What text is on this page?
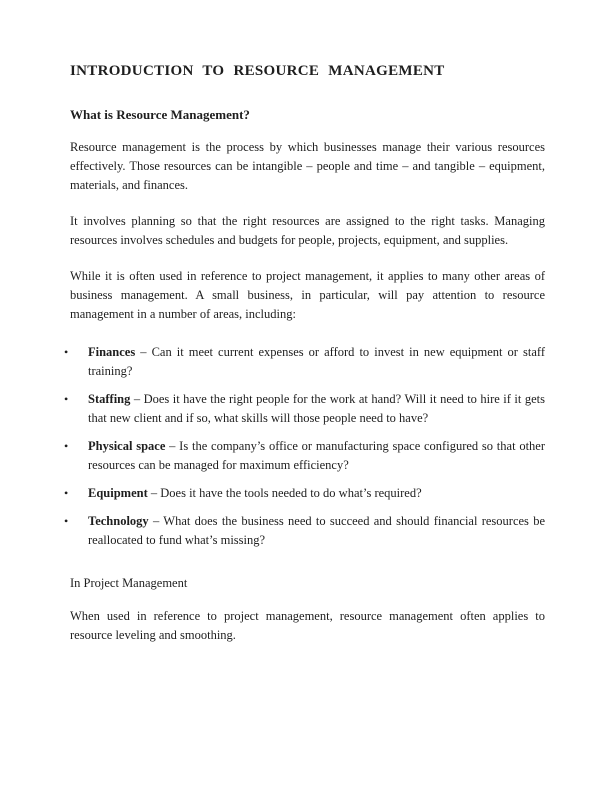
INTRODUCTION TO RESOURCE MANAGEMENT
What is Resource Management?

Resource management is the process by which businesses manage their various resources effectively. Those resources can be intangible – people and time – and tangible – equipment, materials, and finances.

It involves planning so that the right resources are assigned to the right tasks. Managing resources involves schedules and budgets for people, projects, equipment, and supplies.

While it is often used in reference to project management, it applies to many other areas of business management. A small business, in particular, will pay attention to resource management in a number of areas, including:

• Finances – Can it meet current expenses or afford to invest in new equipment or staff training?
• Staffing – Does it have the right people for the work at hand? Will it need to hire if it gets that new client and if so, what skills will those people need to have?
• Physical space – Is the company’s office or manufacturing space configured so that other resources can be managed for maximum efficiency?
• Equipment – Does it have the tools needed to do what’s required?
• Technology – What does the business need to succeed and should financial resources be reallocated to fund what’s missing?

In Project Management

When used in reference to project management, resource management often applies to resource leveling and smoothing.
